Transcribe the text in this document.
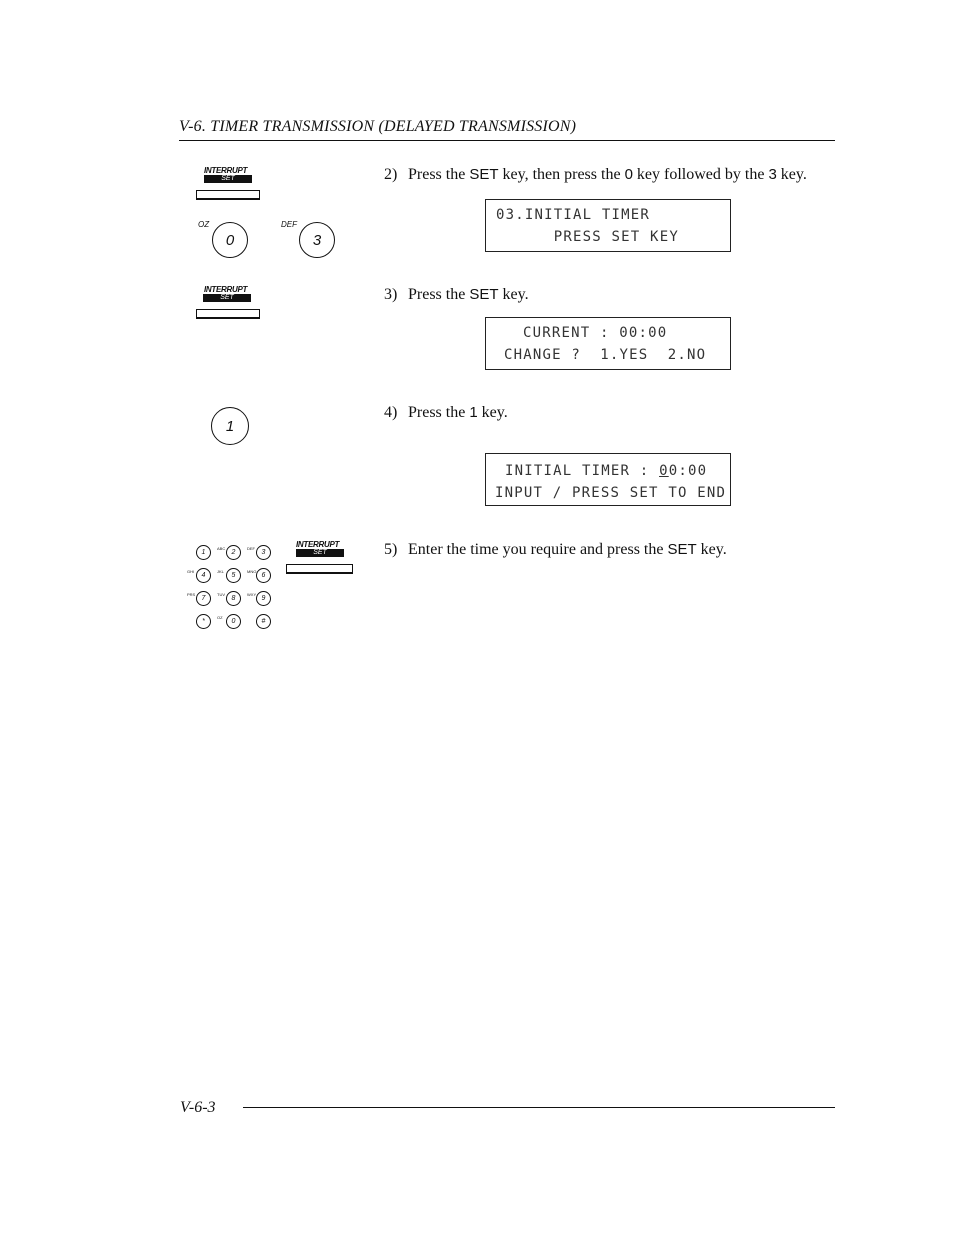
V-6. TIMER TRANSMISSION (DELAYED TRANSMISSION)
INTERRUPT
SET
OZ
0
DEF
3
2) Press the SET key, then press the 0 key followed by the 3 key.
03.INITIAL TIMER
PRESS SET KEY
INTERRUPT
SET	3) Press the SET key.
CURRENT : 00:00
CHANGE ?  1.YES  2.NO
1
4) Press the 1 key.
INITIAL TIMER : 00:00
INPUT / PRESS SET TO END
1
ABC
2
DEF
3
GHI
4
JKL
5
MNO
6
PRS
7
TUV
8
WXY
9
*
OZ
0	#
INTERRUPT
SET	5) Enter the time you require and press the SET key.
V-6-3
